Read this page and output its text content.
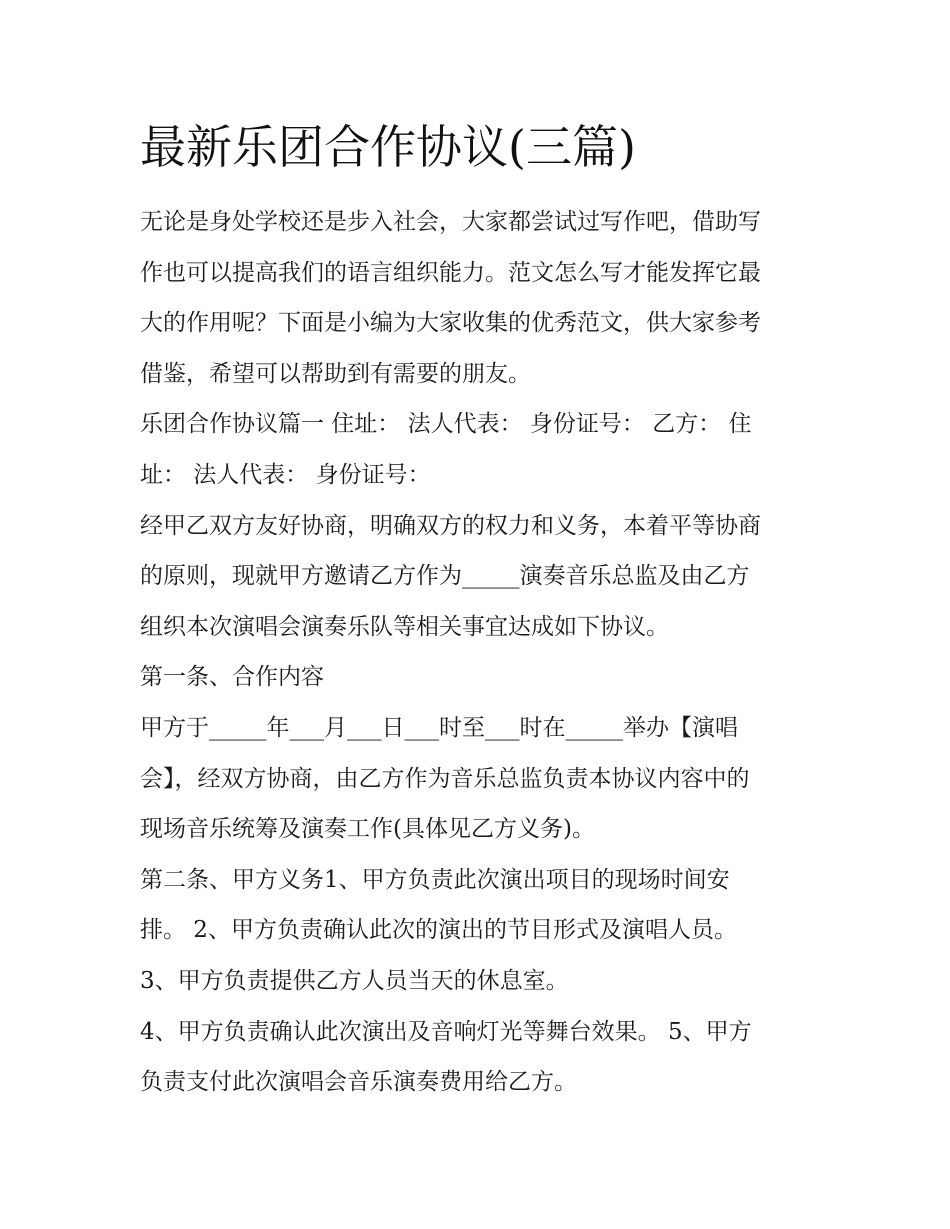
最新乐团合作协议(三篇)

无论是身处学校还是步入社会，大家都尝试过写作吧，借助写

作也可以提高我们的语言组织能力。范文怎么写才能发挥它最

大的作用呢？下面是小编为大家收集的优秀范文，供大家参考

借鉴，希望可以帮助到有需要的朋友。

乐团合作协议篇一 住址： 法人代表： 身份证号： 乙方： 住

址： 法人代表： 身份证号：

经甲乙双方友好协商，明确双方的权力和义务，本着平等协商

的原则，现就甲方邀请乙方作为_____演奏音乐总监及由乙方

组织本次演唱会演奏乐队等相关事宜达成如下协议。

第一条、合作内容

甲方于_____年___月___日___时至___时在_____举办【演唱

会】，经双方协商，由乙方作为音乐总监负责本协议内容中的

现场音乐统筹及演奏工作(具体见乙方义务)。

第二条、甲方义务1、甲方负责此次演出项目的现场时间安

排。 2、甲方负责确认此次的演出的节目形式及演唱人员。

3、甲方负责提供乙方人员当天的休息室。

4、甲方负责确认此次演出及音响灯光等舞台效果。 5、甲方

负责支付此次演唱会音乐演奏费用给乙方。
